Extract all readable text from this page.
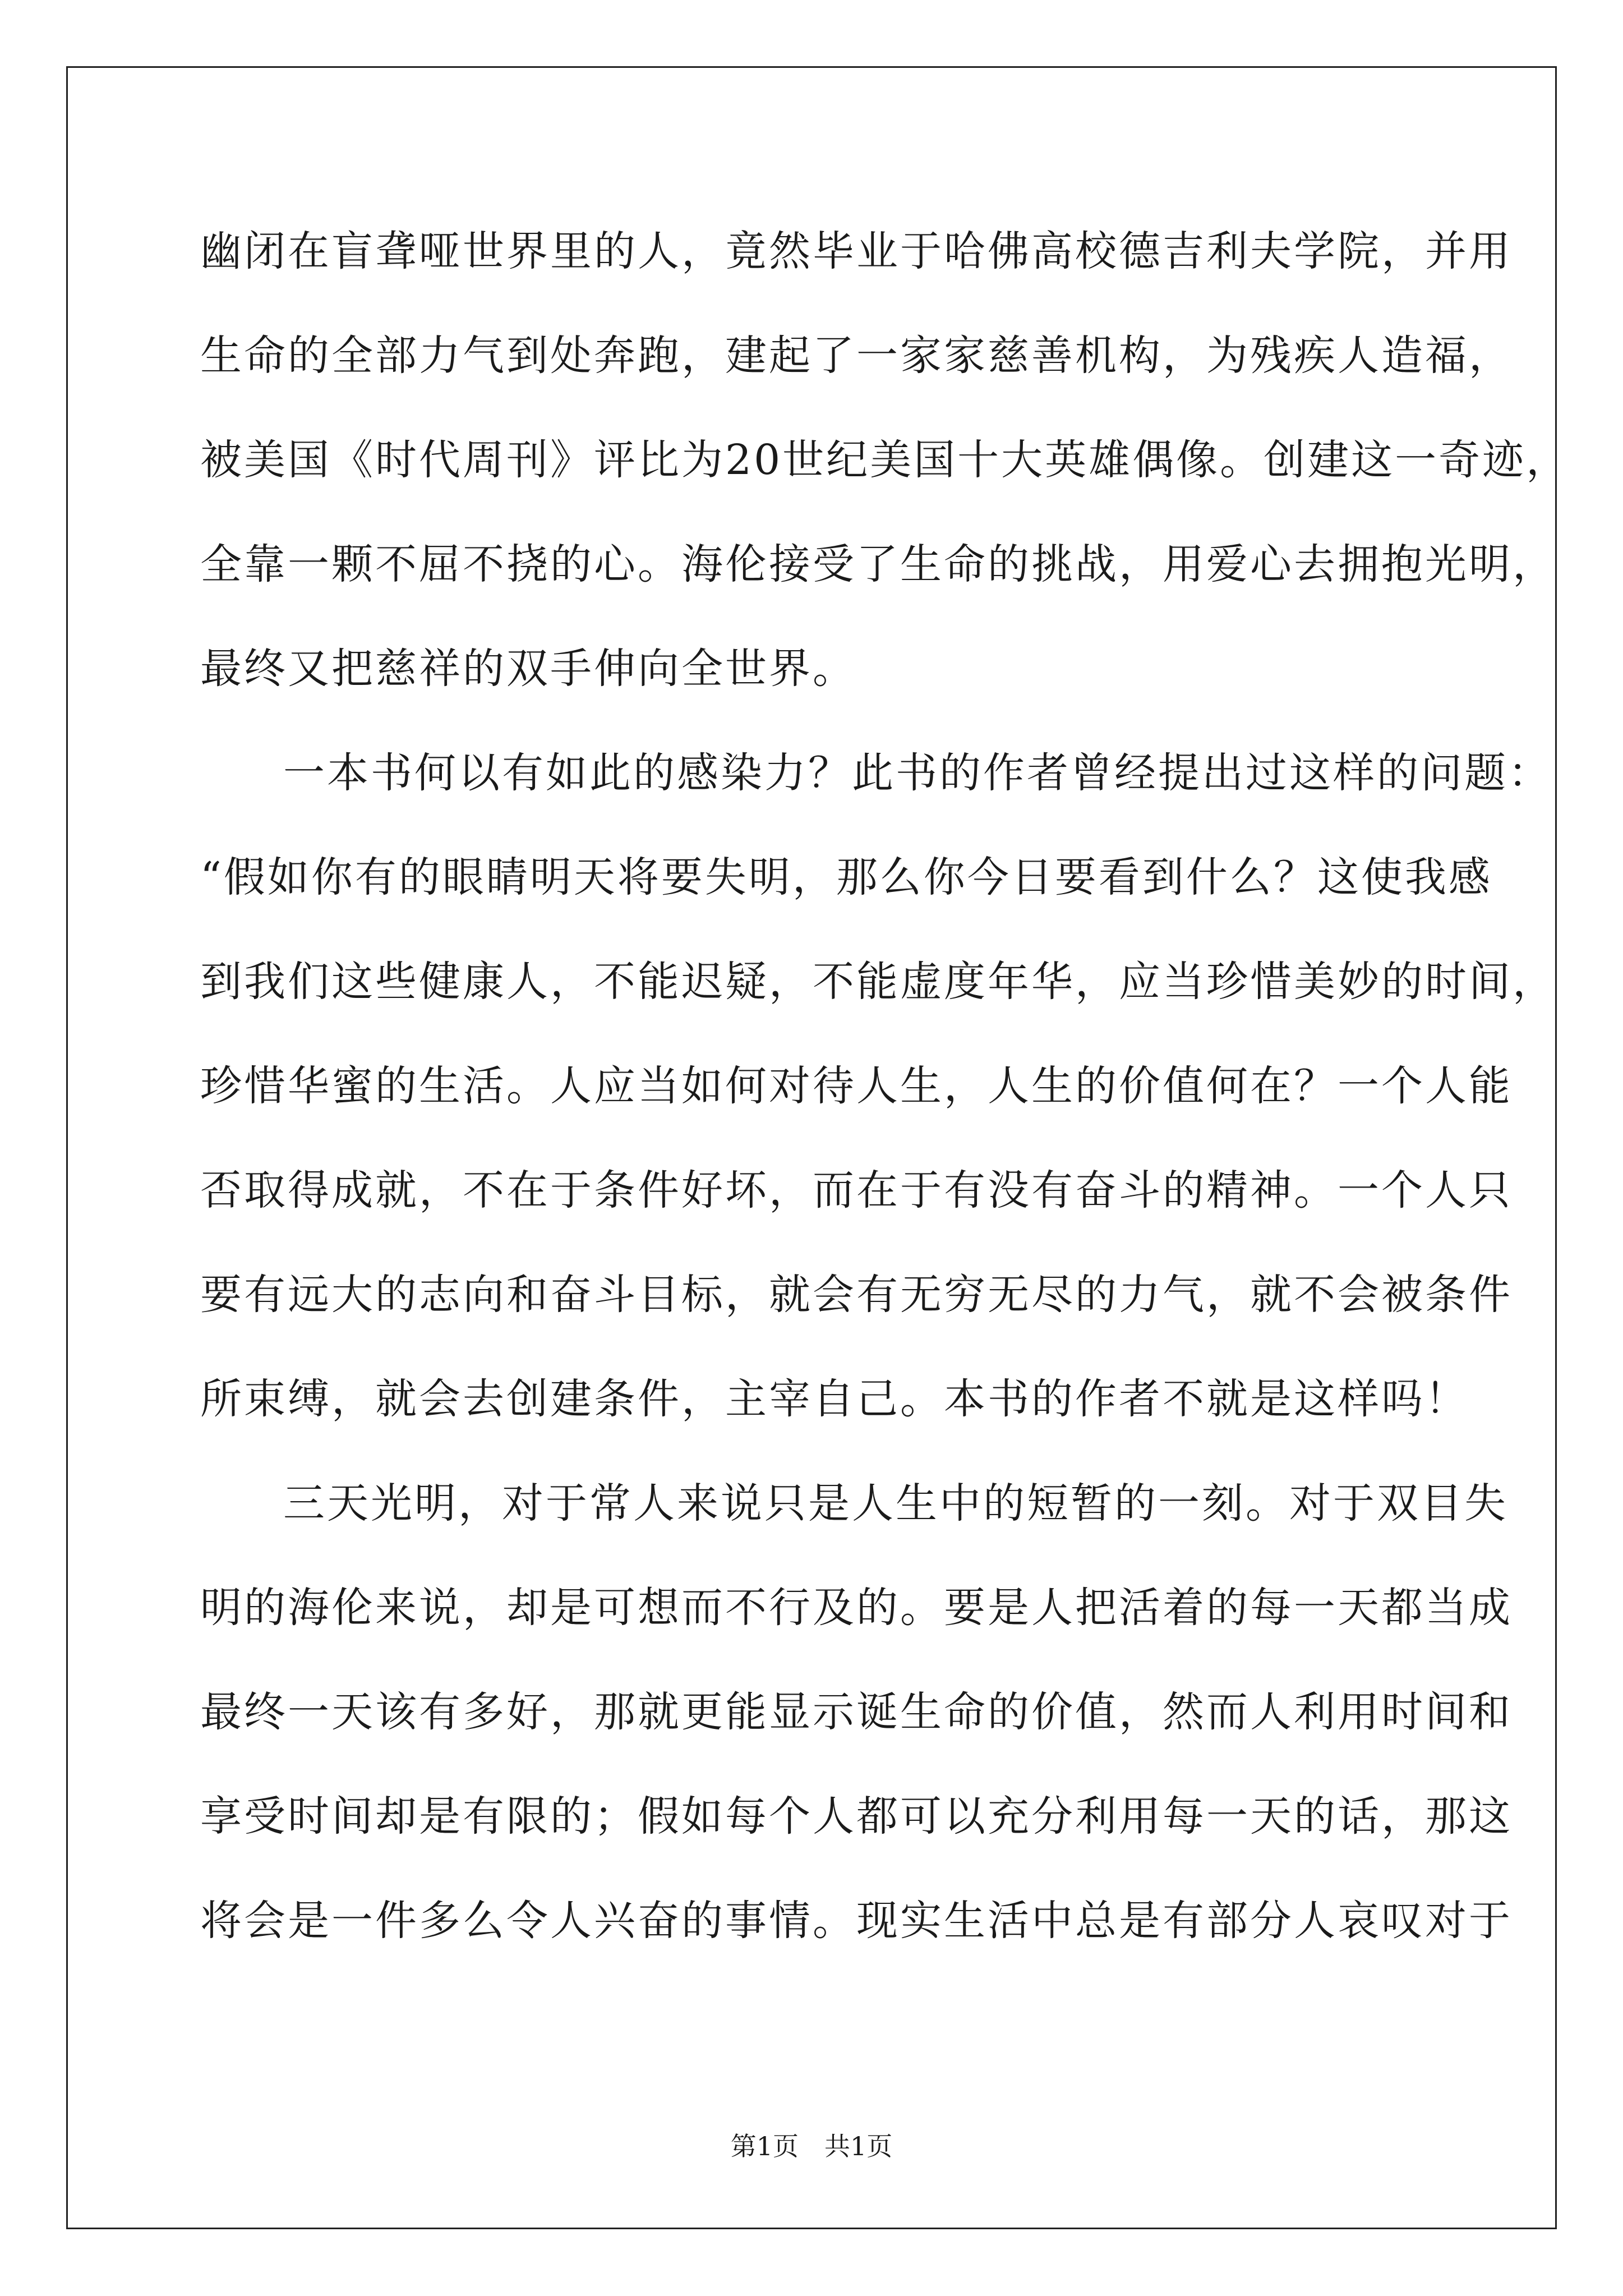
幽闭在盲聋哑世界里的人，竟然毕业于哈佛高校德吉利夫学院，并用
生命的全部力气到处奔跑，建起了一家家慈善机构，为残疾人造福，
被美国《时代周刊》评比为20世纪美国十大英雄偶像。创建这一奇迹，
全靠一颗不屈不挠的心。海伦接受了生命的挑战，用爱心去拥抱光明，
最终又把慈祥的双手伸向全世界。
一本书何以有如此的感染力？此书的作者曾经提出过这样的问题：
“假如你有的眼睛明天将要失明，那么你今日要看到什么？这使我感
到我们这些健康人，不能迟疑，不能虚度年华，应当珍惜美妙的时间，
珍惜华蜜的生活。人应当如何对待人生，人生的价值何在？一个人能
否取得成就，不在于条件好坏，而在于有没有奋斗的精神。一个人只
要有远大的志向和奋斗目标，就会有无穷无尽的力气，就不会被条件
所束缚，就会去创建条件，主宰自己。本书的作者不就是这样吗！
三天光明，对于常人来说只是人生中的短暂的一刻。对于双目失
明的海伦来说，却是可想而不行及的。要是人把活着的每一天都当成
最终一天该有多好，那就更能显示诞生命的价值，然而人利用时间和
享受时间却是有限的；假如每个人都可以充分利用每一天的话，那这
将会是一件多么令人兴奋的事情。现实生活中总是有部分人哀叹对于
第1页　共1页
